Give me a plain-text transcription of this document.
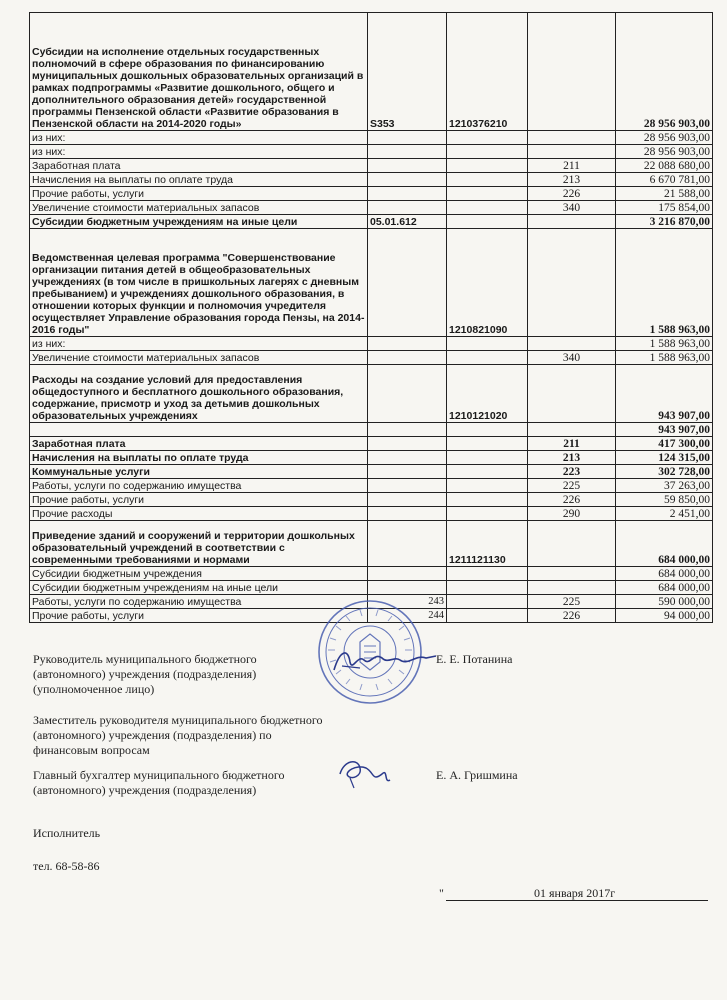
Субсидии на исполнение отдельных государственных полномочий в сфере образования по финансированию муниципальных дошкольных образовательных организаций в рамках подпрограммы «Развитие дошкольного, общего и дополнительного образования детей» государственной программы Пензенской области «Развитие образования в Пензенской области на 2014-2020 годы»	S353	1210376210		28 956 903,00
из них:				28 956 903,00
из них:				28 956 903,00
Заработная плата			211	22 088 680,00
Начисления на выплаты по оплате труда			213	6 670 781,00
Прочие работы, услуги			226	21 588,00
Увеличение стоимости материальных запасов			340	175 854,00
Субсидии бюджетным учреждениям на иные цели	05.01.612			3 216 870,00
Ведомственная целевая программа "Совершенствование организации питания детей в общеобразовательных учреждениях (в том числе в пришкольных лагерях с дневным пребыванием) и учреждениях дошкольного образования, в отношении которых функции и полномочия учредителя осуществляет Управление образования города Пензы, на 2014-2016 годы"		1210821090		1 588 963,00
из них:				1 588 963,00
Увеличение стоимости материальных запасов			340	1 588 963,00
Расходы на создание условий для предоставления общедоступного и бесплатного дошкольного образования, содержание, присмотр и уход за детьмив дошкольных образовательных учреждениях		1210121020		943 907,00
				943 907,00
Заработная плата			211	417 300,00
Начисления на выплаты по оплате труда			213	124 315,00
Коммунальные услуги			223	302 728,00
Работы, услуги по содержанию имущества			225	37 263,00
Прочие работы, услуги			226	59 850,00
Прочие расходы			290	2 451,00
Приведение зданий и сооружений и территории дошкольных образовательный учреждений в соответствии с современными требованиями и нормами		1211121130		684 000,00
Субсидии бюджетным учреждения				684 000,00
Субсидии бюджетным учреждениям на иные цели				684 000,00
Работы, услуги по содержанию имущества	243		225	590 000,00
Прочие работы, услуги	244		226	94 000,00
Руководитель муниципального бюджетного
(автономного) учреждения (подразделения)
(уполномоченное лицо)
Е. Е. Потанина
Заместитель руководителя муниципального бюджетного
(автономного) учреждения (подразделения) по
финансовым вопросам
Главный бухгалтер муниципального бюджетного
(автономного) учреждения (подразделения)
Е. А. Гришмина
Исполнитель
тел. 68-58-86
"	01 января 2017г
